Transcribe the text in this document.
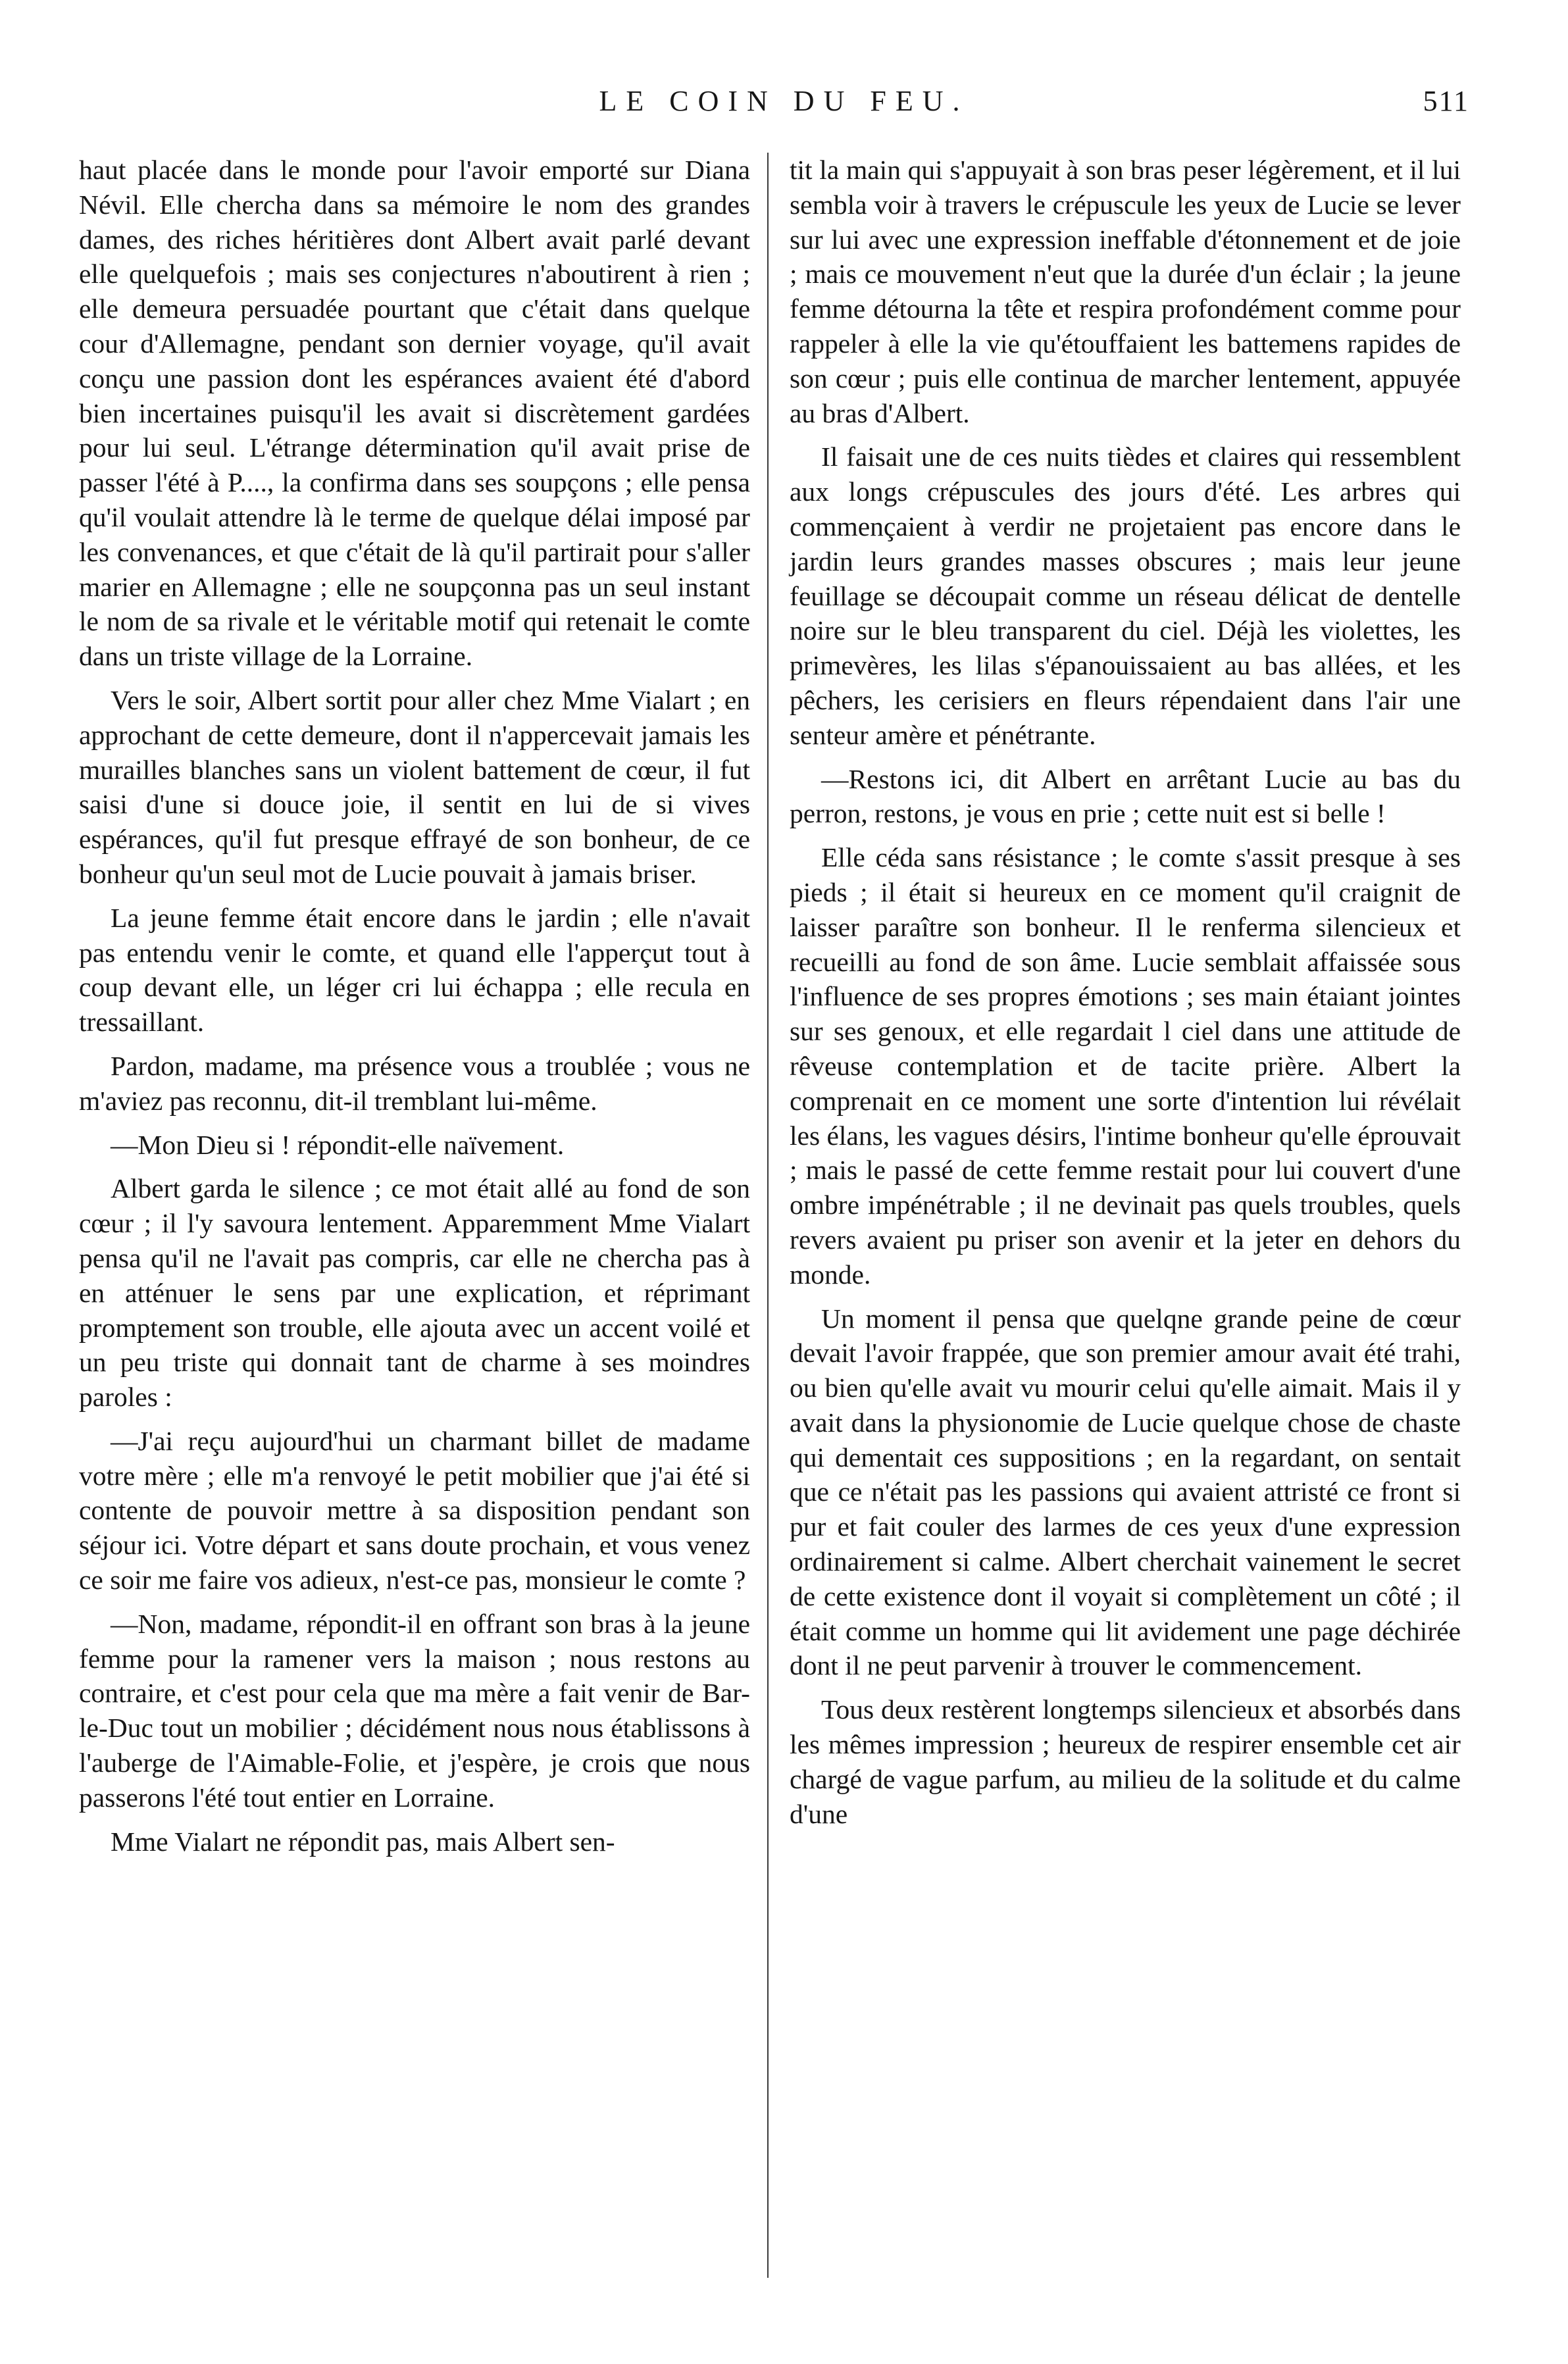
LE COIN DU FEU.	511

haut placée dans le monde pour l'avoir emporté sur Diana Névil. Elle chercha dans sa mémoire le nom des grandes dames, des riches héritières dont Albert avait parlé devant elle quelquefois ; mais ses conjectures n'aboutirent à rien ; elle demeura persuadée pourtant que c'était dans quelque cour d'Allemagne, pendant son dernier voyage, qu'il avait conçu une passion dont les espérances avaient été d'abord bien incertaines puisqu'il les avait si discrètement gardées pour lui seul. L'étrange détermination qu'il avait prise de passer l'été à P...., la confirma dans ses soupçons ; elle pensa qu'il voulait attendre là le terme de quelque délai imposé par les convenances, et que c'était de là qu'il partirait pour s'aller marier en Allemagne ; elle ne soupçonna pas un seul instant le nom de sa rivale et le véritable motif qui retenait le comte dans un triste village de la Lorraine.

Vers le soir, Albert sortit pour aller chez Mme Vialart ; en approchant de cette demeure, dont il n'appercevait jamais les murailles blanches sans un violent battement de cœur, il fut saisi d'une si douce joie, il sentit en lui de si vives espérances, qu'il fut presque effrayé de son bonheur, de ce bonheur qu'un seul mot de Lucie pouvait à jamais briser.

La jeune femme était encore dans le jardin ; elle n'avait pas entendu venir le comte, et quand elle l'apperçut tout à coup devant elle, un léger cri lui échappa ; elle recula en tressaillant.

Pardon, madame, ma présence vous a troublée ; vous ne m'aviez pas reconnu, dit-il tremblant lui-même.

—Mon Dieu si ! répondit-elle naïvement.

Albert garda le silence ; ce mot était allé au fond de son cœur ; il l'y savoura lentement. Apparemment Mme Vialart pensa qu'il ne l'avait pas compris, car elle ne chercha pas à en atténuer le sens par une explication, et réprimant promptement son trouble, elle ajouta avec un accent voilé et un peu triste qui donnait tant de charme à ses moindres paroles :

—J'ai reçu aujourd'hui un charmant billet de madame votre mère ; elle m'a renvoyé le petit mobilier que j'ai été si contente de pouvoir mettre à sa disposition pendant son séjour ici. Votre départ et sans doute prochain, et vous venez ce soir me faire vos adieux, n'est-ce pas, monsieur le comte ?

—Non, madame, répondit-il en offrant son bras à la jeune femme pour la ramener vers la maison ; nous restons au contraire, et c'est pour cela que ma mère a fait venir de Bar-le-Duc tout un mobilier ; décidément nous nous établissons à l'auberge de l'Aimable-Folie, et j'espère, je crois que nous passerons l'été tout entier en Lorraine.

Mme Vialart ne répondit pas, mais Albert sen-

tit la main qui s'appuyait à son bras peser légèrement, et il lui sembla voir à travers le crépuscule les yeux de Lucie se lever sur lui avec une expression ineffable d'étonnement et de joie ; mais ce mouvement n'eut que la durée d'un éclair ; la jeune femme détourna la tête et respira profondément comme pour rappeler à elle la vie qu'étouffaient les battemens rapides de son cœur ; puis elle continua de marcher lentement, appuyée au bras d'Albert.

Il faisait une de ces nuits tièdes et claires qui ressemblent aux longs crépuscules des jours d'été. Les arbres qui commençaient à verdir ne projetaient pas encore dans le jardin leurs grandes masses obscures ; mais leur jeune feuillage se découpait comme un réseau délicat de dentelle noire sur le bleu transparent du ciel. Déjà les violettes, les primevères, les lilas s'épanouissaient au bas allées, et les pêchers, les cerisiers en fleurs répendaient dans l'air une senteur amère et pénétrante.

—Restons ici, dit Albert en arrêtant Lucie au bas du perron, restons, je vous en prie ; cette nuit est si belle !

Elle céda sans résistance ; le comte s'assit presque à ses pieds ; il était si heureux en ce moment qu'il craignit de laisser paraître son bonheur. Il le renferma silencieux et recueilli au fond de son âme. Lucie semblait affaissée sous l'influence de ses propres émotions ; ses main étaiant jointes sur ses genoux, et elle regardait l ciel dans une attitude de rêveuse contemplation et de tacite prière. Albert la comprenait en ce moment une sorte d'intention lui révélait les élans, les vagues désirs, l'intime bonheur qu'elle éprouvait ; mais le passé de cette femme restait pour lui couvert d'une ombre impénétrable ; il ne devinait pas quels troubles, quels revers avaient pu priser son avenir et la jeter en dehors du monde.

Un moment il pensa que quelqne grande peine de cœur devait l'avoir frappée, que son premier amour avait été trahi, ou bien qu'elle avait vu mourir celui qu'elle aimait. Mais il y avait dans la physionomie de Lucie quelque chose de chaste qui dementait ces suppositions ; en la regardant, on sentait que ce n'était pas les passions qui avaient attristé ce front si pur et fait couler des larmes de ces yeux d'une expression ordinairement si calme. Albert cherchait vainement le secret de cette existence dont il voyait si complètement un côté ; il était comme un homme qui lit avidement une page déchirée dont il ne peut parvenir à trouver le commencement.

Tous deux restèrent longtemps silencieux et absorbés dans les mêmes impression ; heureux de respirer ensemble cet air chargé de vague parfum, au milieu de la solitude et du calme d'une
